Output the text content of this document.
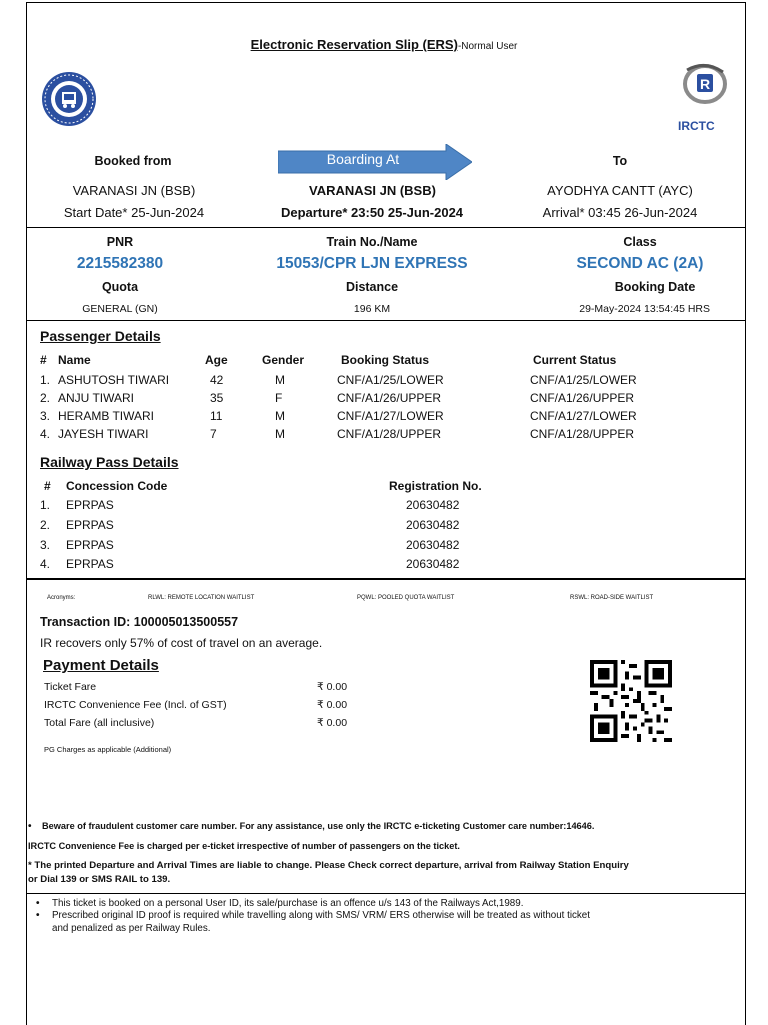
Electronic Reservation Slip (ERS)-Normal User
R
IRCTC
Booked from	Boarding At	To
VARANASI JN (BSB)	VARANASI JN (BSB)	AYODHYA CANTT (AYC)
Start Date* 25-Jun-2024	Departure* 23:50 25-Jun-2024	Arrival* 03:45 26-Jun-2024
PNR	Train No./Name	Class
2215582380	15053/CPR LJN EXPRESS	SECOND AC (2A)
Quota	Distance	Booking Date
GENERAL (GN)	196 KM	29-May-2024 13:54:45 HRS
Passenger Details
# Name	Age	Gender	Booking Status	Current Status
1. ASHUTOSH TIWARI	42	M	CNF/A1/25/LOWER	CNF/A1/25/LOWER
2. ANJU TIWARI	35	F	CNF/A1/26/UPPER	CNF/A1/26/UPPER
3. HERAMB TIWARI	11	M	CNF/A1/27/LOWER	CNF/A1/27/LOWER
4. JAYESH TIWARI	7	M	CNF/A1/28/UPPER	CNF/A1/28/UPPER
Railway Pass Details
# Concession Code	Registration No.
1. EPRPAS	20630482
2. EPRPAS	20630482
3. EPRPAS	20630482
4. EPRPAS	20630482
Acronyms:	RLWL: REMOTE LOCATION WAITLIST	PQWL: POOLED QUOTA WAITLIST	RSWL: ROAD-SIDE WAITLIST
Transaction ID: 100005013500557
IR recovers only 57% of cost of travel on an average.
Payment Details
Ticket Fare	₹ 0.00
IRCTC Convenience Fee (Incl. of GST)	₹ 0.00
Total Fare (all inclusive)	₹ 0.00
PG Charges as applicable (Additional)
• Beware of fraudulent customer care number. For any assistance, use only the IRCTC e-ticketing Customer care number:14646.
IRCTC Convenience Fee is charged per e-ticket irrespective of number of passengers on the ticket.
* The printed Departure and Arrival Times are liable to change. Please Check correct departure, arrival from Railway Station Enquiry
or Dial 139 or SMS RAIL to 139.
• This ticket is booked on a personal User ID, its sale/purchase is an offence u/s 143 of the Railways Act,1989.
• Prescribed original ID proof is required while travelling along with SMS/ VRM/ ERS otherwise will be treated as without ticket
and penalized as per Railway Rules.
